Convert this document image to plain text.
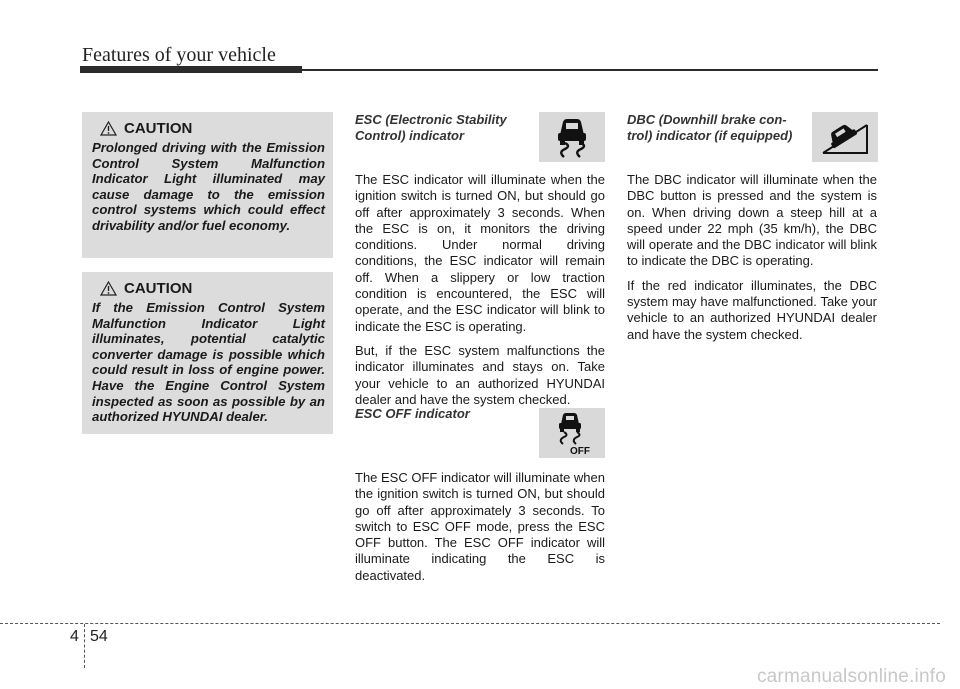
Features of your vehicle
CAUTION

Prolonged driving with the Emission Control System Malfunction Indicator Light illuminated may cause damage to the emission control systems which could effect drivability and/or fuel economy.

CAUTION

If the Emission Control System Malfunction Indicator Light illuminates, potential catalytic converter damage is possible which could result in loss of engine power. Have the Engine Control System inspected as soon as possible by an authorized HYUNDAI dealer.

ESC (Electronic Stability
Control) indicator

The ESC indicator will illuminate when the ignition switch is turned ON, but should go off after approximately 3 seconds. When the ESC is on, it monitors the driving conditions. Under normal driving conditions, the ESC indicator will remain off. When a slippery or low traction condition is encountered, the ESC will operate, and the ESC indicator will blink to indicate the ESC is operating.

But, if the ESC system malfunctions the indicator illuminates and stays on. Take your vehicle to an authorized HYUNDAI dealer and have the system checked.

ESC OFF indicator

The ESC OFF indicator will illuminate when the ignition switch is turned ON, but should go off after approximately 3 seconds. To switch to ESC OFF mode, press the ESC OFF button. The ESC OFF indicator will illuminate indicating the ESC is deactivated.

OFF
DBC (Downhill brake con-
trol) indicator (if equipped)

The DBC indicator will illuminate when the DBC button is pressed and the system is on. When driving down a steep hill at a speed under 22 mph (35 km/h), the DBC will operate and the DBC indicator will blink to indicate the DBC is operating.

If the red indicator illuminates, the DBC system may have malfunctioned. Take your vehicle to an authorized HYUNDAI dealer and have the system checked.

4 54
carmanualsonline.info
